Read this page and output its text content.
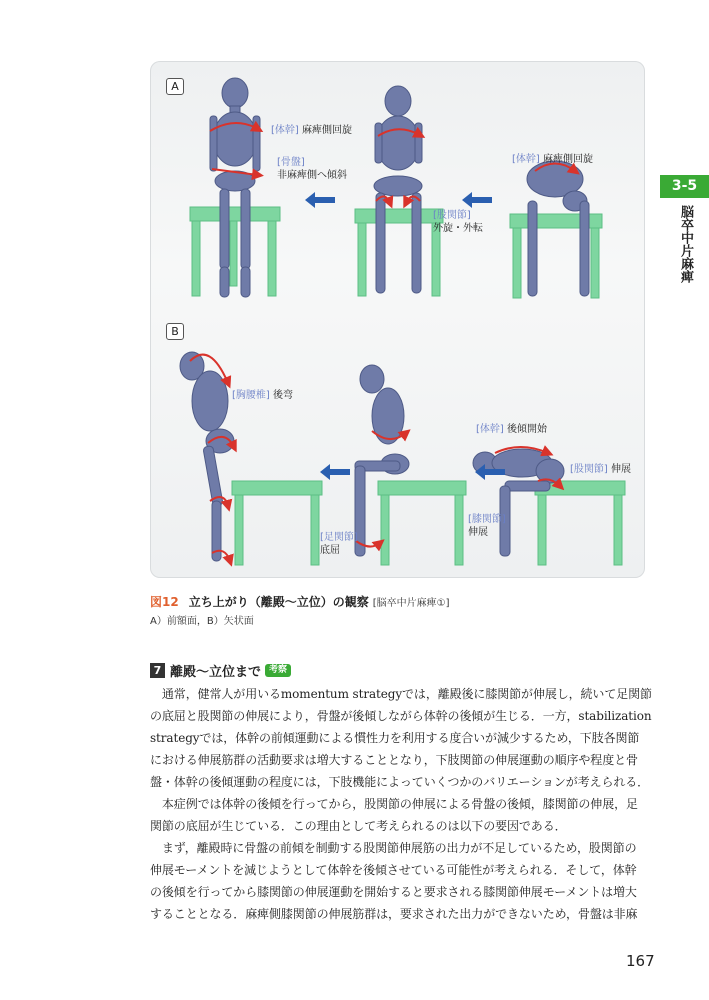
A
B
[体幹] 麻痺側回旋
[骨盤]
非麻痺側へ傾斜
[体幹] 麻痺側回旋
[股関節]
外旋・外転
[胸腰椎] 後弯
[体幹] 後傾開始
[股関節] 伸展
[膝関節]
伸展
[足関節]
底屈
3-5
脳卒中片麻痺
図12 立ち上がり（離殿～立位）の観察 [脳卒中片麻痺①]
A）前額面，B）矢状面
7 離殿～立位まで 考察
　通常，健常人が用いるmomentum strategyでは，離殿後に膝関節が伸展し，続いて足関節
の底屈と股関節の伸展により，骨盤が後傾しながら体幹の後傾が生じる．一方，stabilization
strategyでは，体幹の前傾運動による慣性力を利用する度合いが減少するため，下肢各関節
における伸展筋群の活動要求は増大することとなり，下肢関節の伸展運動の順序や程度と骨
盤・体幹の後傾運動の程度には，下肢機能によっていくつかのバリエーションが考えられる．
　本症例では体幹の後傾を行ってから，股関節の伸展による骨盤の後傾，膝関節の伸展，足
関節の底屈が生じている．この理由として考えられるのは以下の要因である．
　まず，離殿時に骨盤の前傾を制動する股関節伸展筋の出力が不足しているため，股関節の
伸展モーメントを減じようとして体幹を後傾させている可能性が考えられる．そして，体幹
の後傾を行ってから膝関節の伸展運動を開始すると要求される膝関節伸展モーメントは増大
することとなる．麻痺側膝関節の伸展筋群は，要求された出力ができないため，骨盤は非麻
167
